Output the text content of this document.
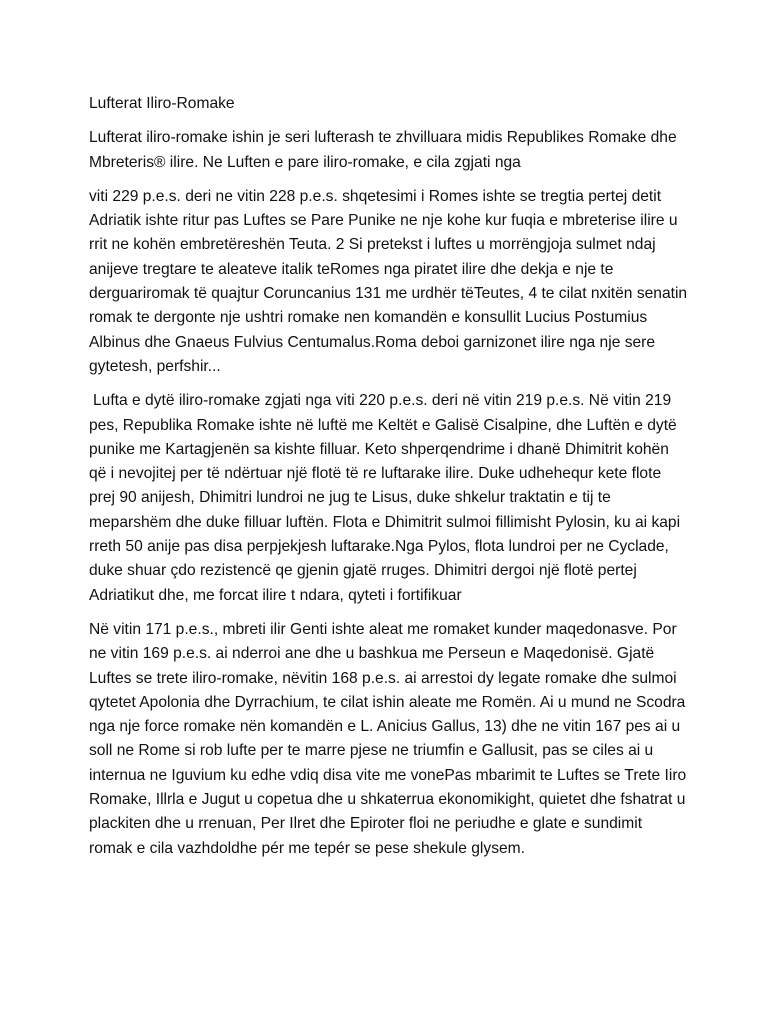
Lufterat Iliro-Romake

Lufterat iliro-romake ishin je seri lufterash te zhvilluara midis Republikes Romake dhe Mbreteris® ilire. Ne Luften e pare iliro-romake, e cila zgjati nga

viti 229 p.e.s. deri ne vitin 228 p.e.s. shqetesimi i Romes ishte se tregtia pertej detit Adriatik ishte ritur pas Luftes se Pare Punike ne nje kohe kur fuqia e mbreterise ilire u rrit ne kohën embretëreshën Teuta. 2 Si pretekst i luftes u morrëngjoja sulmet ndaj anijeve tregtare te aleateve italik teRomes nga piratet ilire dhe dekja e nje te derguariromak të quajtur Coruncanius 131 me urdhër tëTeutes, 4 te cilat nxitën senatin romak te dergonte nje ushtri romake nen komandën e konsullit Lucius Postumius Albinus dhe Gnaeus Fulvius Centumalus.Roma deboi garnizonet ilire nga nje sere gytetesh, perfshir...

Lufta e dytë iliro-romake zgjati nga viti 220 p.e.s. deri në vitin 219 p.e.s. Në vitin 219 pes, Republika Romake ishte në luftë me Keltët e Galisë Cisalpine, dhe Luftën e dytë punike me Kartagjenën sa kishte filluar. Keto shperqendrime i dhanë Dhimitrit kohën që i nevojitej per të ndërtuar një flotë të re luftarake ilire. Duke udhehequr kete flote prej 90 anijesh, Dhimitri lundroi ne jug te Lisus, duke shkelur traktatin e tij te meparshëm dhe duke filluar luftën. Flota e Dhimitrit sulmoi fillimisht Pylosin, ku ai kapi rreth 50 anije pas disa perpjekjesh luftarake.Nga Pylos, flota lundroi per ne Cyclade, duke shuar çdo rezistencë qe gjenin gjatë rruges. Dhimitri dergoi një flotë pertej Adriatikut dhe, me forcat ilire t ndara, qyteti i fortifikuar

Në vitin 171 p.e.s., mbreti ilir Genti ishte aleat me romaket kunder maqedonasve. Por ne vitin 169 p.e.s. ai nderroi ane dhe u bashkua me Perseun e Maqedonisë. Gjatë Luftes se trete iliro-romake, nëvitin 168 p.e.s. ai arrestoi dy legate romake dhe sulmoi qytetet Apolonia dhe Dyrrachium, te cilat ishin aleate me Romën. Ai u mund ne Scodra nga nje force romake nën komandën e L. Anicius Gallus, 13) dhe ne vitin 167 pes ai u soll ne Rome si rob lufte per te marre pjese ne triumfin e Gallusit, pas se ciles ai u internua ne Iguvium ku edhe vdiq disa vite me vonePas mbarimit te Luftes se Trete Iiro Romake, Illrla e Jugut u copetua dhe u shkaterrua ekonomikight, quietet dhe fshatrat u plackiten dhe u rrenuan, Per Ilret dhe Epiroter floi ne periudhe e glate e sundimit romak e cila vazhdoldhe pér me tepér se pese shekule glysem.
